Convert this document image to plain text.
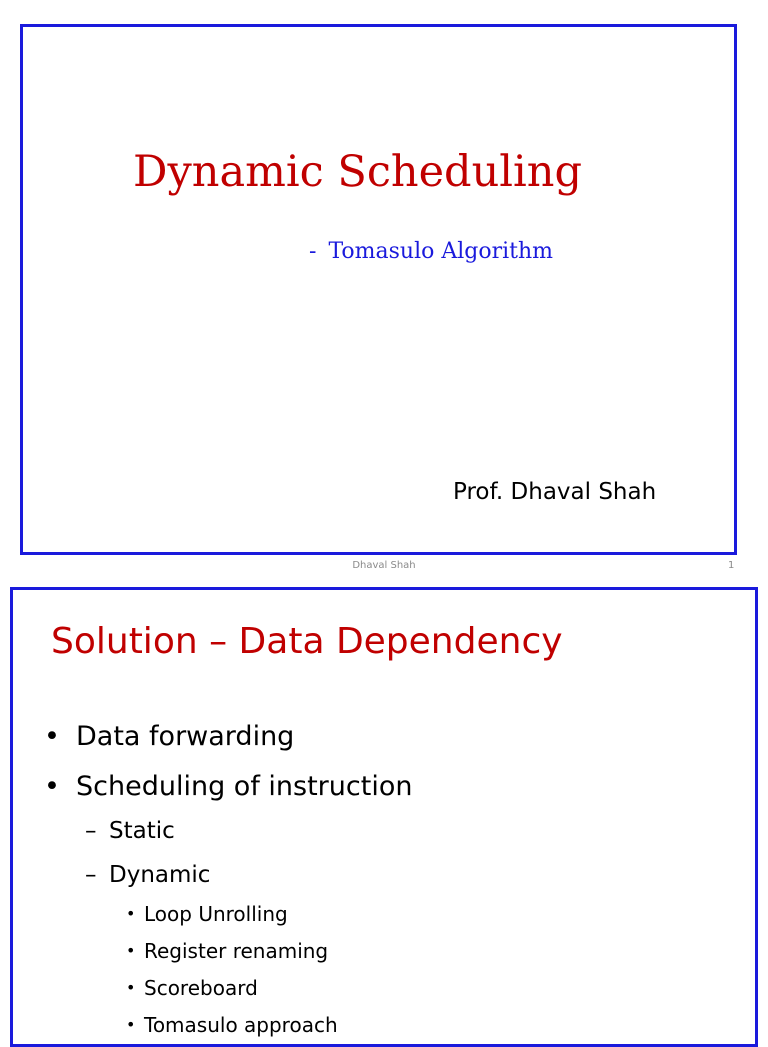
Dynamic Scheduling
- Tomasulo Algorithm
Prof. Dhaval Shah
Dhaval Shah	1
Solution – Data Dependency
• Data forwarding
• Scheduling of instruction
– Static
– Dynamic
• Loop Unrolling
• Register renaming
• Scoreboard
• Tomasulo approach
